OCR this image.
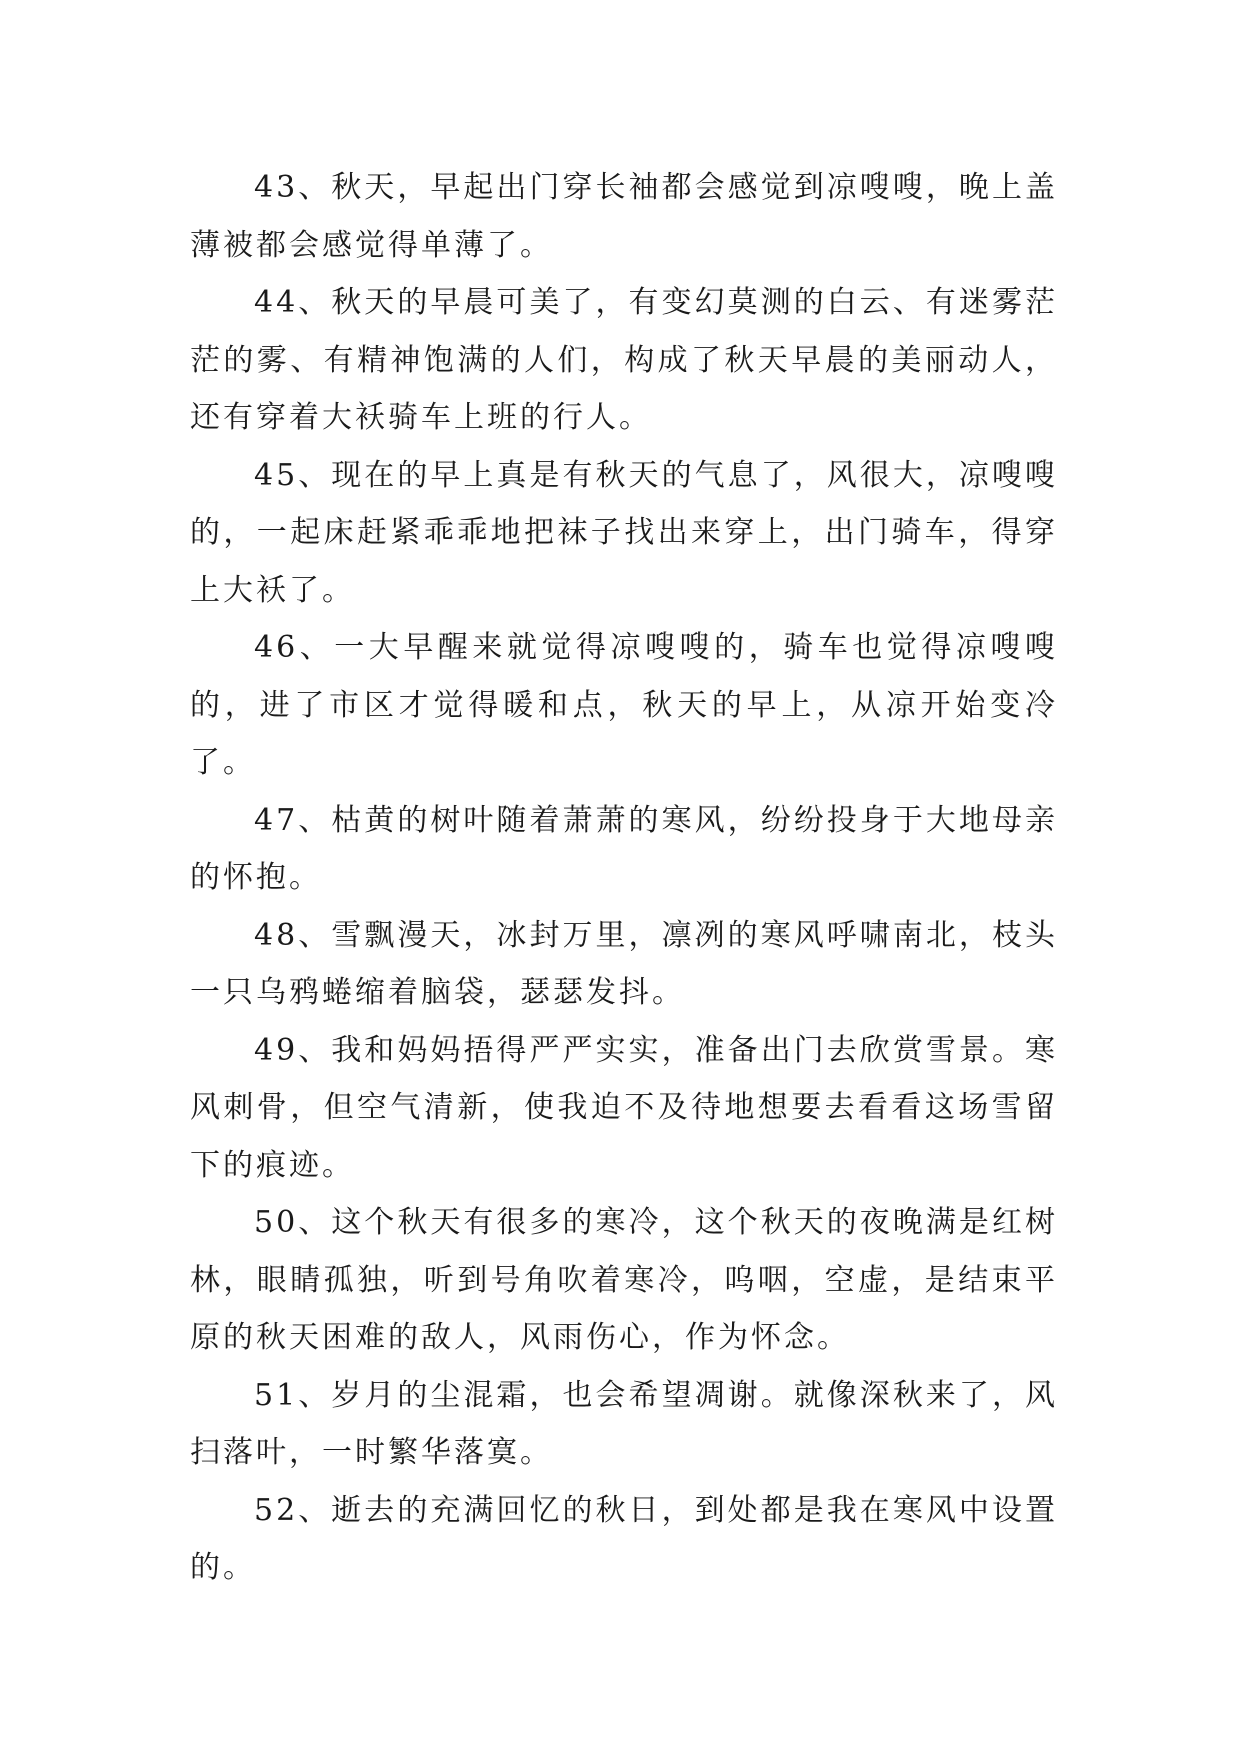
43、秋天，早起出门穿长袖都会感觉到凉嗖嗖，晚上盖薄被都会感觉得单薄了。

44、秋天的早晨可美了，有变幻莫测的白云、有迷雾茫茫的雾、有精神饱满的人们，构成了秋天早晨的美丽动人，还有穿着大袄骑车上班的行人。

45、现在的早上真是有秋天的气息了，风很大，凉嗖嗖的，一起床赶紧乖乖地把袜子找出来穿上，出门骑车，得穿上大袄了。

46、一大早醒来就觉得凉嗖嗖的，骑车也觉得凉嗖嗖的，进了市区才觉得暖和点，秋天的早上，从凉开始变冷了。

47、枯黄的树叶随着萧萧的寒风，纷纷投身于大地母亲的怀抱。

48、雪飘漫天，冰封万里，凛冽的寒风呼啸南北，枝头一只乌鸦蜷缩着脑袋，瑟瑟发抖。

49、我和妈妈捂得严严实实，准备出门去欣赏雪景。寒风刺骨，但空气清新，使我迫不及待地想要去看看这场雪留下的痕迹。

50、这个秋天有很多的寒冷，这个秋天的夜晚满是红树林，眼睛孤独，听到号角吹着寒冷，呜咽，空虚，是结束平原的秋天困难的敌人，风雨伤心，作为怀念。

51、岁月的尘混霜，也会希望凋谢。就像深秋来了，风扫落叶，一时繁华落寞。

52、逝去的充满回忆的秋日，到处都是我在寒风中设置的。
